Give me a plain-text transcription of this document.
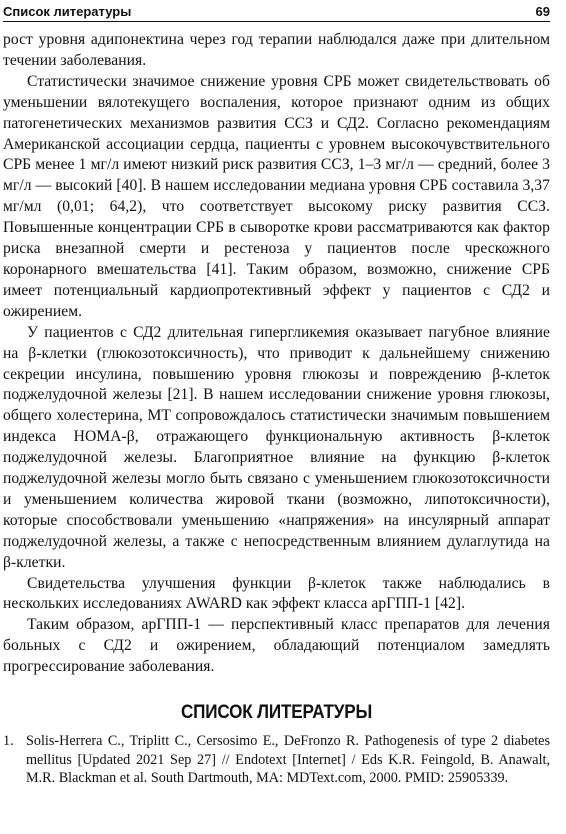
Список литературы	69

рост уровня адипонектина через год терапии наблюдался даже при длительном течении заболевания.

Статистически значимое снижение уровня СРБ может свидетельствовать об уменьшении вялотекущего воспаления, которое признают одним из общих патогенетических механизмов развития ССЗ и СД2. Согласно рекомендациям Американской ассоциации сердца, пациенты с уровнем высокочувствительного СРБ менее 1 мг/л имеют низкий риск развития ССЗ, 1–3 мг/л — средний, более 3 мг/л — высокий [40]. В нашем исследовании медиана уровня СРБ составила 3,37 мг/мл (0,01; 64,2), что соответствует высокому риску развития ССЗ. Повышенные концентрации СРБ в сыворотке крови рассматриваются как фактор риска внезапной смерти и рестеноза у пациентов после чрескожного коронарного вмешательства [41]. Таким образом, возможно, снижение СРБ имеет потенциальный кардиопротективный эффект у пациентов с СД2 и ожирением.

У пациентов с СД2 длительная гипергликемия оказывает пагубное влияние на β-клетки (глюкозотоксичность), что приводит к дальнейшему снижению секреции инсулина, повышению уровня глюкозы и повреждению β-клеток поджелудочной железы [21]. В нашем исследовании снижение уровня глюкозы, общего холестерина, МТ сопровождалось статистически значимым повышением индекса HOMA-β, отражающего функциональную активность β-клеток поджелудочной железы. Благоприятное влияние на функцию β-клеток поджелудочной железы могло быть связано с уменьшением глюкозотоксичности и уменьшением количества жировой ткани (возможно, липотоксичности), которые способствовали уменьшению «напряжения» на инсулярный аппарат поджелудочной железы, а также с непосредственным влиянием дулаглутида на β-клетки.

Свидетельства улучшения функции β-клеток также наблюдались в нескольких исследованиях AWARD как эффект класса арГПП-1 [42].

Таким образом, арГПП-1 — перспективный класс препаратов для лечения больных с СД2 и ожирением, обладающий потенциалом замедлять прогрессирование заболевания.

СПИСОК ЛИТЕРАТУРЫ
1. Solis-Herrera C., Triplitt C., Cersosimo E., DeFronzo R. Pathogenesis of type 2 diabetes mellitus [Updated 2021 Sep 27] // Endotext [Internet] / Eds K.R. Feingold, B. Anawalt, M.R. Blackman et al. South Dartmouth, MA: MDText.com, 2000. PMID: 25905339.
